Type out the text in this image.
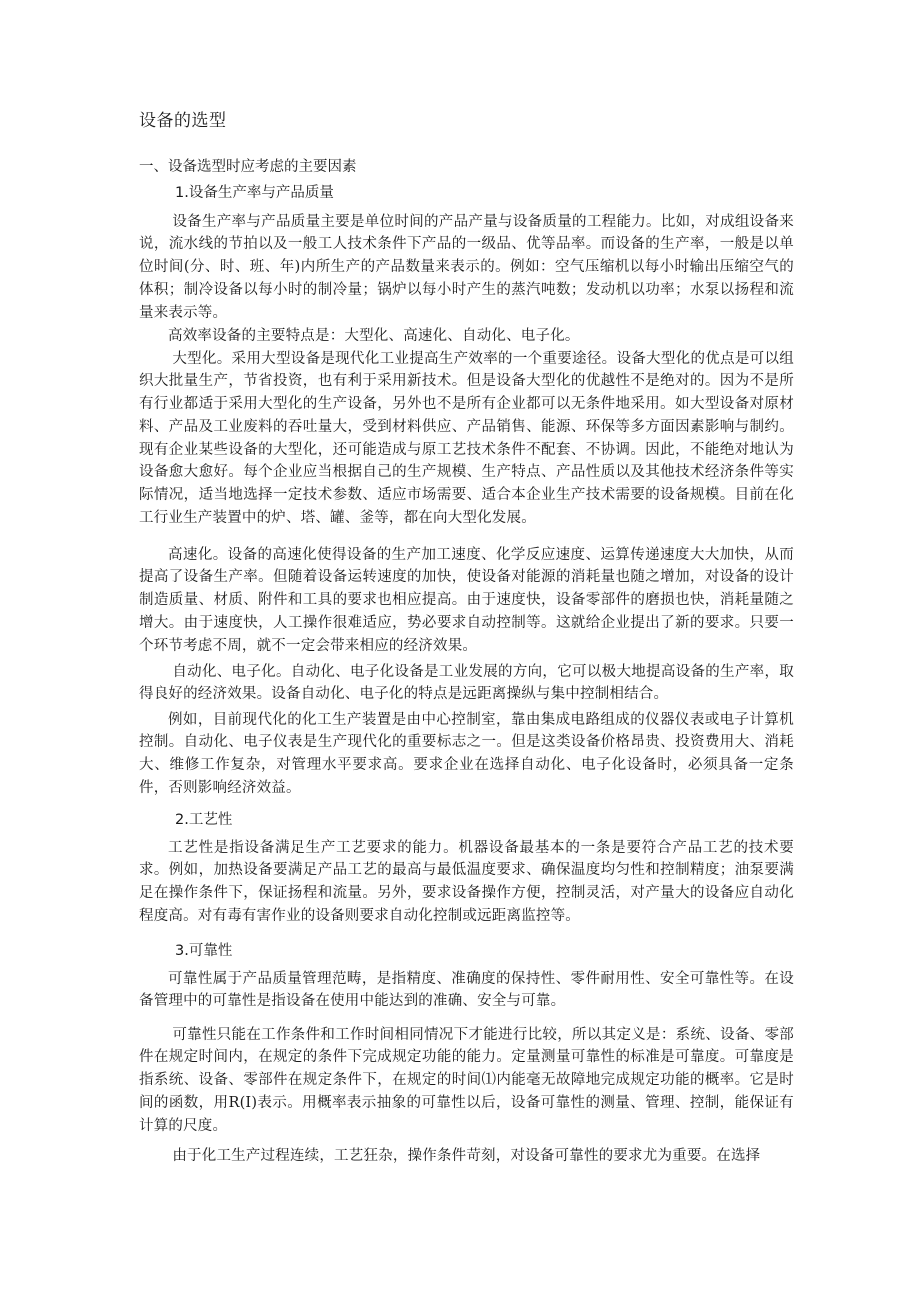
设备的选型
一、设备选型时应考虑的主要因素
1.设备生产率与产品质量

设备生产率与产品质量主要是单位时间的产品产量与设备质量的工程能力。比如，对成组设备来说，流水线的节拍以及一般工人技术条件下产品的一级品、优等品率。而设备的生产率，一般是以单位时间(分、时、班、年)内所生产的产品数量来表示的。例如：空气压缩机以每小时输出压缩空气的体积；制冷设备以每小时的制冷量；锅炉以每小时产生的蒸汽吨数；发动机以功率；水泵以扬程和流量来表示等。

高效率设备的主要特点是：大型化、高速化、自动化、电子化。

大型化。采用大型设备是现代化工业提高生产效率的一个重要途径。设备大型化的优点是可以组织大批量生产，节省投资，也有利于采用新技术。但是设备大型化的优越性不是绝对的。因为不是所有行业都适于采用大型化的生产设备，另外也不是所有企业都可以无条件地采用。如大型设备对原材料、产品及工业废料的吞吐量大，受到材料供应、产品销售、能源、环保等多方面因素影响与制约。现有企业某些设备的大型化，还可能造成与原工艺技术条件不配套、不协调。因此，不能绝对地认为设备愈大愈好。每个企业应当根据自己的生产规模、生产特点、产品性质以及其他技术经济条件等实际情况，适当地选择一定技术参数、适应市场需要、适合本企业生产技术需要的设备规模。目前在化工行业生产装置中的炉、塔、罐、釜等，都在向大型化发展。

高速化。设备的高速化使得设备的生产加工速度、化学反应速度、运算传递速度大大加快，从而提高了设备生产率。但随着设备运转速度的加快，使设备对能源的消耗量也随之增加，对设备的设计制造质量、材质、附件和工具的要求也相应提高。由于速度快，设备零部件的磨损也快，消耗量随之增大。由于速度快，人工操作很难适应，势必要求自动控制等。这就给企业提出了新的要求。只要一个环节考虑不周，就不一定会带来相应的经济效果。

自动化、电子化。自动化、电子化设备是工业发展的方向，它可以极大地提高设备的生产率，取得良好的经济效果。设备自动化、电子化的特点是远距离操纵与集中控制相结合。

例如，目前现代化的化工生产装置是由中心控制室，靠由集成电路组成的仪器仪表或电子计算机控制。自动化、电子仪表是生产现代化的重要标志之一。但是这类设备价格昂贵、投资费用大、消耗大、维修工作复杂，对管理水平要求高。要求企业在选择自动化、电子化设备时，必须具备一定条件，否则影响经济效益。

2.工艺性

工艺性是指设备满足生产工艺要求的能力。机器设备最基本的一条是要符合产品工艺的技术要求。例如，加热设备要满足产品工艺的最高与最低温度要求、确保温度均匀性和控制精度；油泵要满足在操作条件下，保证扬程和流量。另外，要求设备操作方便，控制灵活，对产量大的设备应自动化程度高。对有毒有害作业的设备则要求自动化控制或远距离监控等。

3.可靠性

可靠性属于产品质量管理范畴，是指精度、准确度的保持性、零件耐用性、安全可靠性等。在设备管理中的可靠性是指设备在使用中能达到的准确、安全与可靠。

可靠性只能在工作条件和工作时间相同情况下才能进行比较，所以其定义是：系统、设备、零部件在规定时间内，在规定的条件下完成规定功能的能力。定量测量可靠性的标准是可靠度。可靠度是指系统、设备、零部件在规定条件下，在规定的时间⑴内能毫无故障地完成规定功能的概率。它是时间的函数，用R(I)表示。用概率表示抽象的可靠性以后，设备可靠性的测量、管理、控制，能保证有计算的尺度。

由于化工生产过程连续，工艺狂杂，操作条件苛刻，对设备可靠性的要求尤为重要。在选择
